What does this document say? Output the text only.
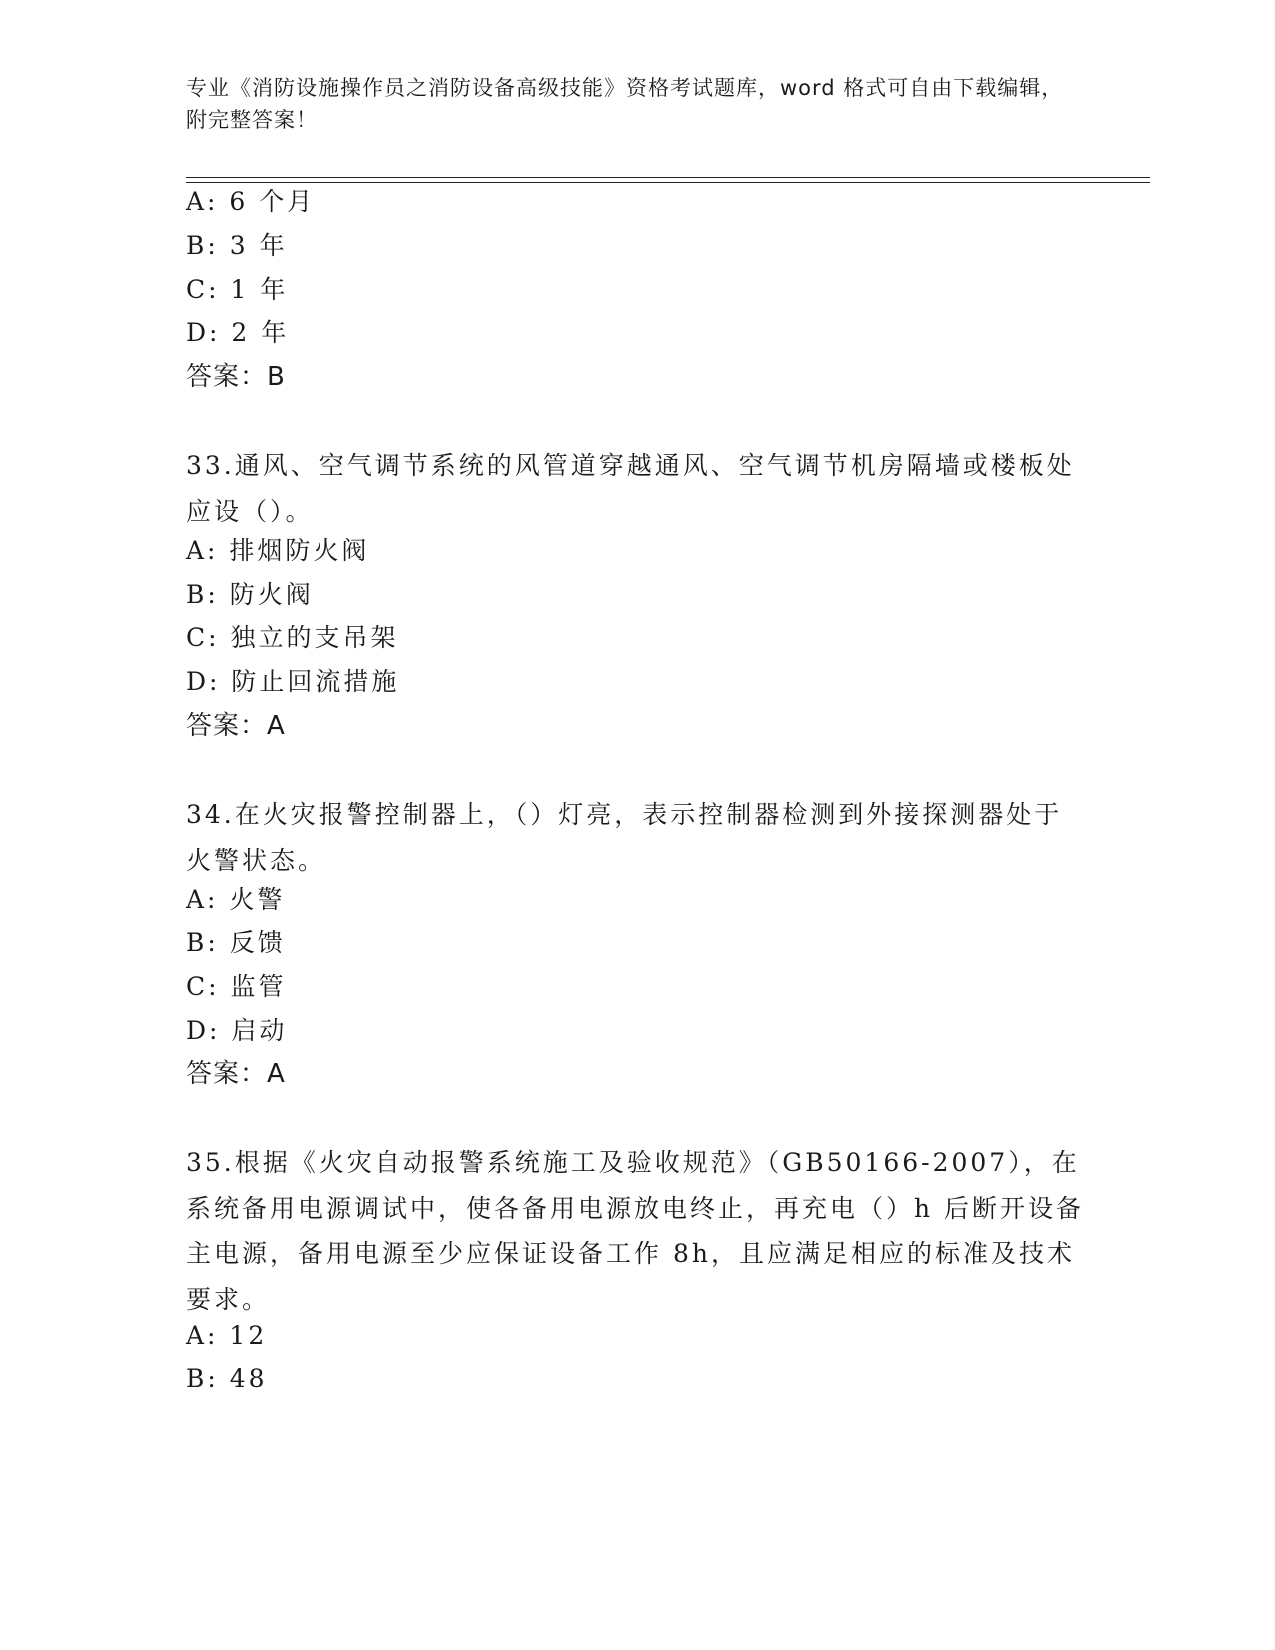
专业《消防设施操作员之消防设备高级技能》资格考试题库，word 格式可自由下载编辑，附完整答案！
A: 6 个月
B: 3 年
C: 1 年
D: 2 年
答案：B
33.通风、空气调节系统的风管道穿越通风、空气调节机房隔墙或楼板处应设（）。
A: 排烟防火阀
B: 防火阀
C: 独立的支吊架
D: 防止回流措施
答案：A
34.在火灾报警控制器上，（）灯亮，表示控制器检测到外接探测器处于火警状态。
A: 火警
B: 反馈
C: 监管
D: 启动
答案：A
35.根据《火灾自动报警系统施工及验收规范》（GB50166-2007），在系统备用电源调试中，使各备用电源放电终止，再充电（）h 后断开设备主电源，备用电源至少应保证设备工作 8h，且应满足相应的标准及技术要求。
A: 12
B: 48
